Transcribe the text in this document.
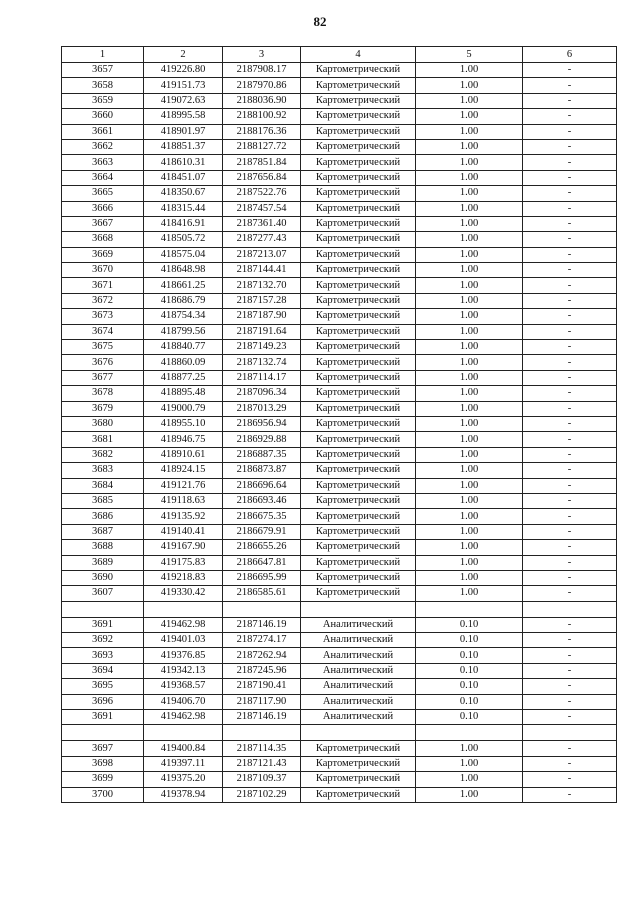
82
1	2	3	4	5	6
3657	419226.80	2187908.17	Картометрический	1.00	-
3658	419151.73	2187970.86	Картометрический	1.00	-
3659	419072.63	2188036.90	Картометрический	1.00	-
3660	418995.58	2188100.92	Картометрический	1.00	-
3661	418901.97	2188176.36	Картометрический	1.00	-
3662	418851.37	2188127.72	Картометрический	1.00	-
3663	418610.31	2187851.84	Картометрический	1.00	-
3664	418451.07	2187656.84	Картометрический	1.00	-
3665	418350.67	2187522.76	Картометрический	1.00	-
3666	418315.44	2187457.54	Картометрический	1.00	-
3667	418416.91	2187361.40	Картометрический	1.00	-
3668	418505.72	2187277.43	Картометрический	1.00	-
3669	418575.04	2187213.07	Картометрический	1.00	-
3670	418648.98	2187144.41	Картометрический	1.00	-
3671	418661.25	2187132.70	Картометрический	1.00	-
3672	418686.79	2187157.28	Картометрический	1.00	-
3673	418754.34	2187187.90	Картометрический	1.00	-
3674	418799.56	2187191.64	Картометрический	1.00	-
3675	418840.77	2187149.23	Картометрический	1.00	-
3676	418860.09	2187132.74	Картометрический	1.00	-
3677	418877.25	2187114.17	Картометрический	1.00	-
3678	418895.48	2187096.34	Картометрический	1.00	-
3679	419000.79	2187013.29	Картометрический	1.00	-
3680	418955.10	2186956.94	Картометрический	1.00	-
3681	418946.75	2186929.88	Картометрический	1.00	-
3682	418910.61	2186887.35	Картометрический	1.00	-
3683	418924.15	2186873.87	Картометрический	1.00	-
3684	419121.76	2186696.64	Картометрический	1.00	-
3685	419118.63	2186693.46	Картометрический	1.00	-
3686	419135.92	2186675.35	Картометрический	1.00	-
3687	419140.41	2186679.91	Картометрический	1.00	-
3688	419167.90	2186655.26	Картометрический	1.00	-
3689	419175.83	2186647.81	Картометрический	1.00	-
3690	419218.83	2186695.99	Картометрический	1.00	-
3607	419330.42	2186585.61	Картометрический	1.00	-

3691	419462.98	2187146.19	Аналитический	0.10	-
3692	419401.03	2187274.17	Аналитический	0.10	-
3693	419376.85	2187262.94	Аналитический	0.10	-
3694	419342.13	2187245.96	Аналитический	0.10	-
3695	419368.57	2187190.41	Аналитический	0.10	-
3696	419406.70	2187117.90	Аналитический	0.10	-
3691	419462.98	2187146.19	Аналитический	0.10	-

3697	419400.84	2187114.35	Картометрический	1.00	-
3698	419397.11	2187121.43	Картометрический	1.00	-
3699	419375.20	2187109.37	Картометрический	1.00	-
3700	419378.94	2187102.29	Картометрический	1.00	-
